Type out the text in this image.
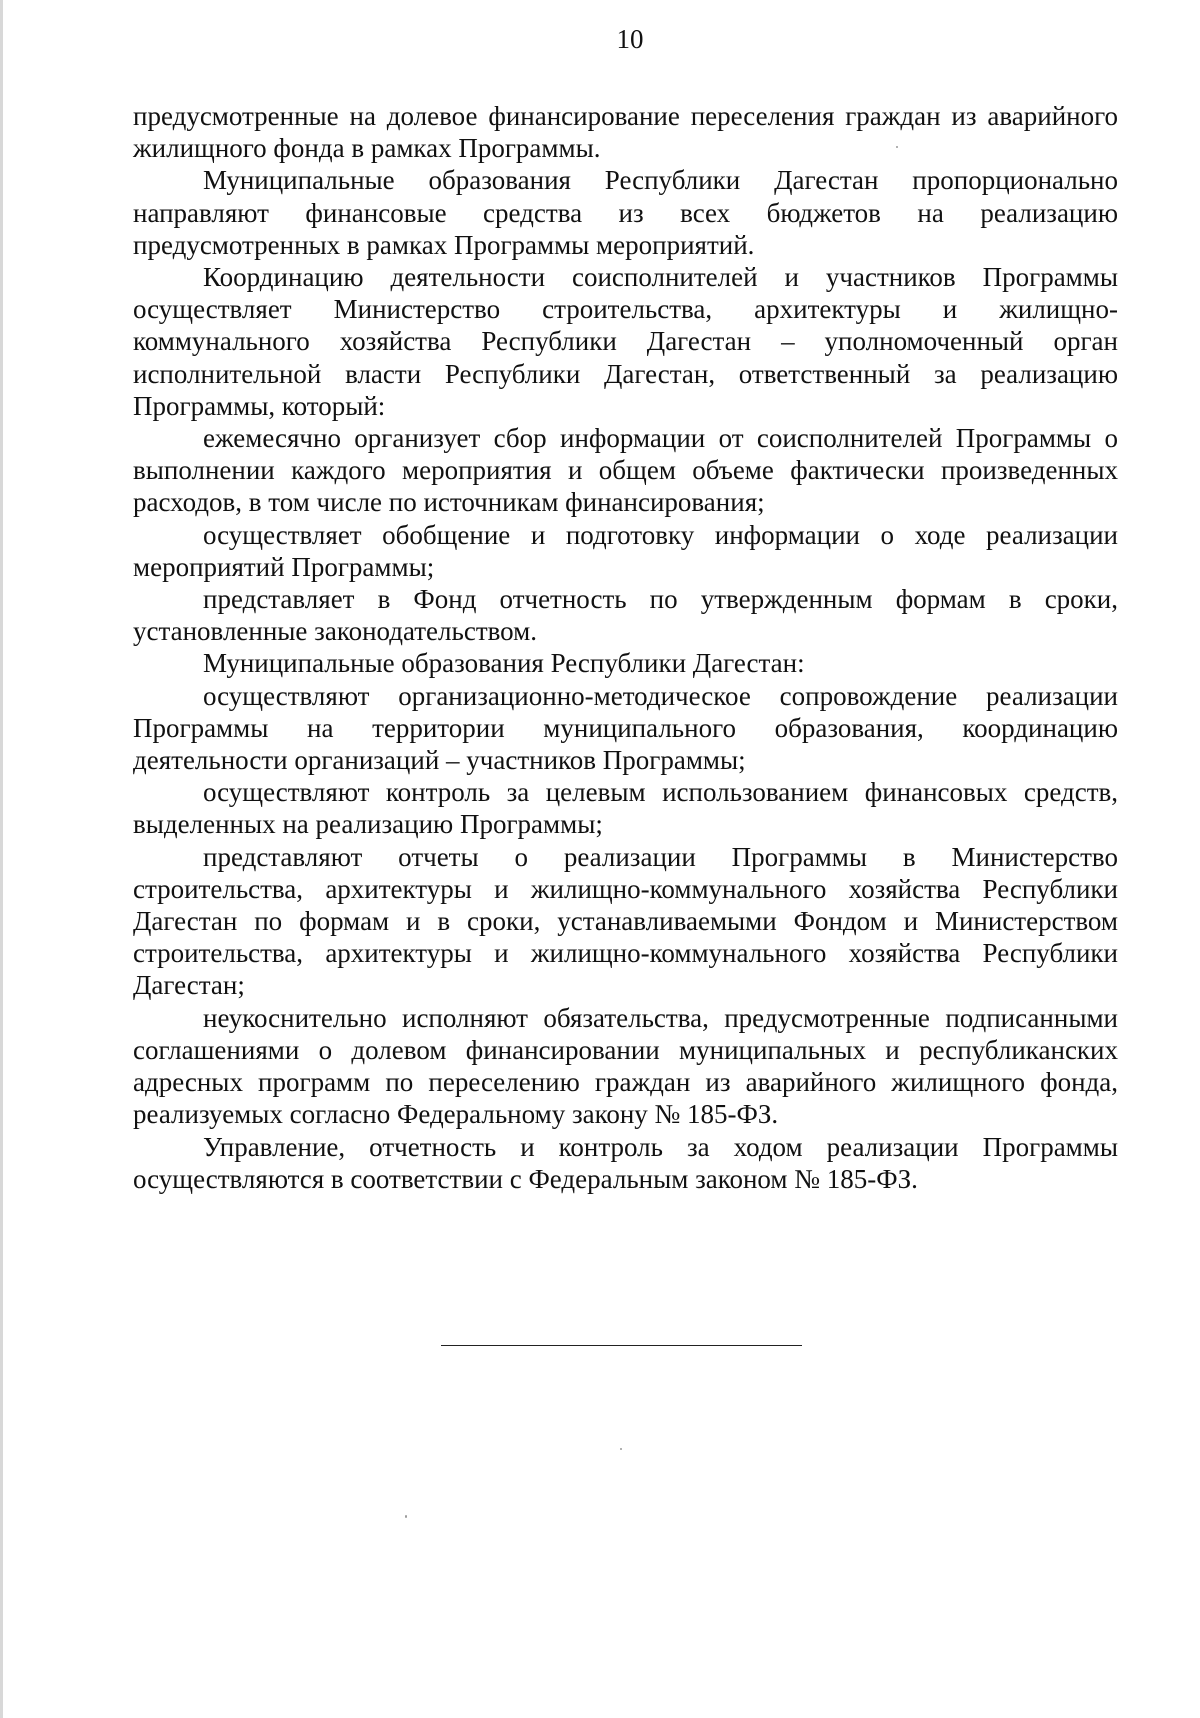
10

предусмотренные на долевое финансирование переселения граждан из аварийного жилищного фонда в рамках Программы.

Муниципальные образования Республики Дагестан пропорционально направляют финансовые средства из всех бюджетов на реализацию предусмотренных в рамках Программы мероприятий.

Координацию деятельности соисполнителей и участников Программы осуществляет Министерство строительства, архитектуры и жилищно-коммунального хозяйства Республики Дагестан – уполномоченный орган исполнительной власти Республики Дагестан, ответственный за реализацию Программы, который:

ежемесячно организует сбор информации от соисполнителей Программы о выполнении каждого мероприятия и общем объеме фактически произведенных расходов, в том числе по источникам финансирования;

осуществляет обобщение и подготовку информации о ходе реализации мероприятий Программы;

представляет в Фонд отчетность по утвержденным формам в сроки, установленные законодательством.

Муниципальные образования Республики Дагестан:

осуществляют организационно-методическое сопровождение реализации Программы на территории муниципального образования, координацию деятельности организаций – участников Программы;

осуществляют контроль за целевым использованием финансовых средств, выделенных на реализацию Программы;

представляют отчеты о реализации Программы в Министерство строительства, архитектуры и жилищно-коммунального хозяйства Республики Дагестан по формам и в сроки, устанавливаемыми Фондом и Министерством строительства, архитектуры и жилищно-коммунального хозяйства Республики Дагестан;

неукоснительно исполняют обязательства, предусмотренные подписанными соглашениями о долевом финансировании муниципальных и республиканских адресных программ по переселению граждан из аварийного жилищного фонда, реализуемых согласно Федеральному закону № 185-ФЗ.

Управление, отчетность и контроль за ходом реализации Программы осуществляются в соответствии с Федеральным законом № 185-ФЗ.
